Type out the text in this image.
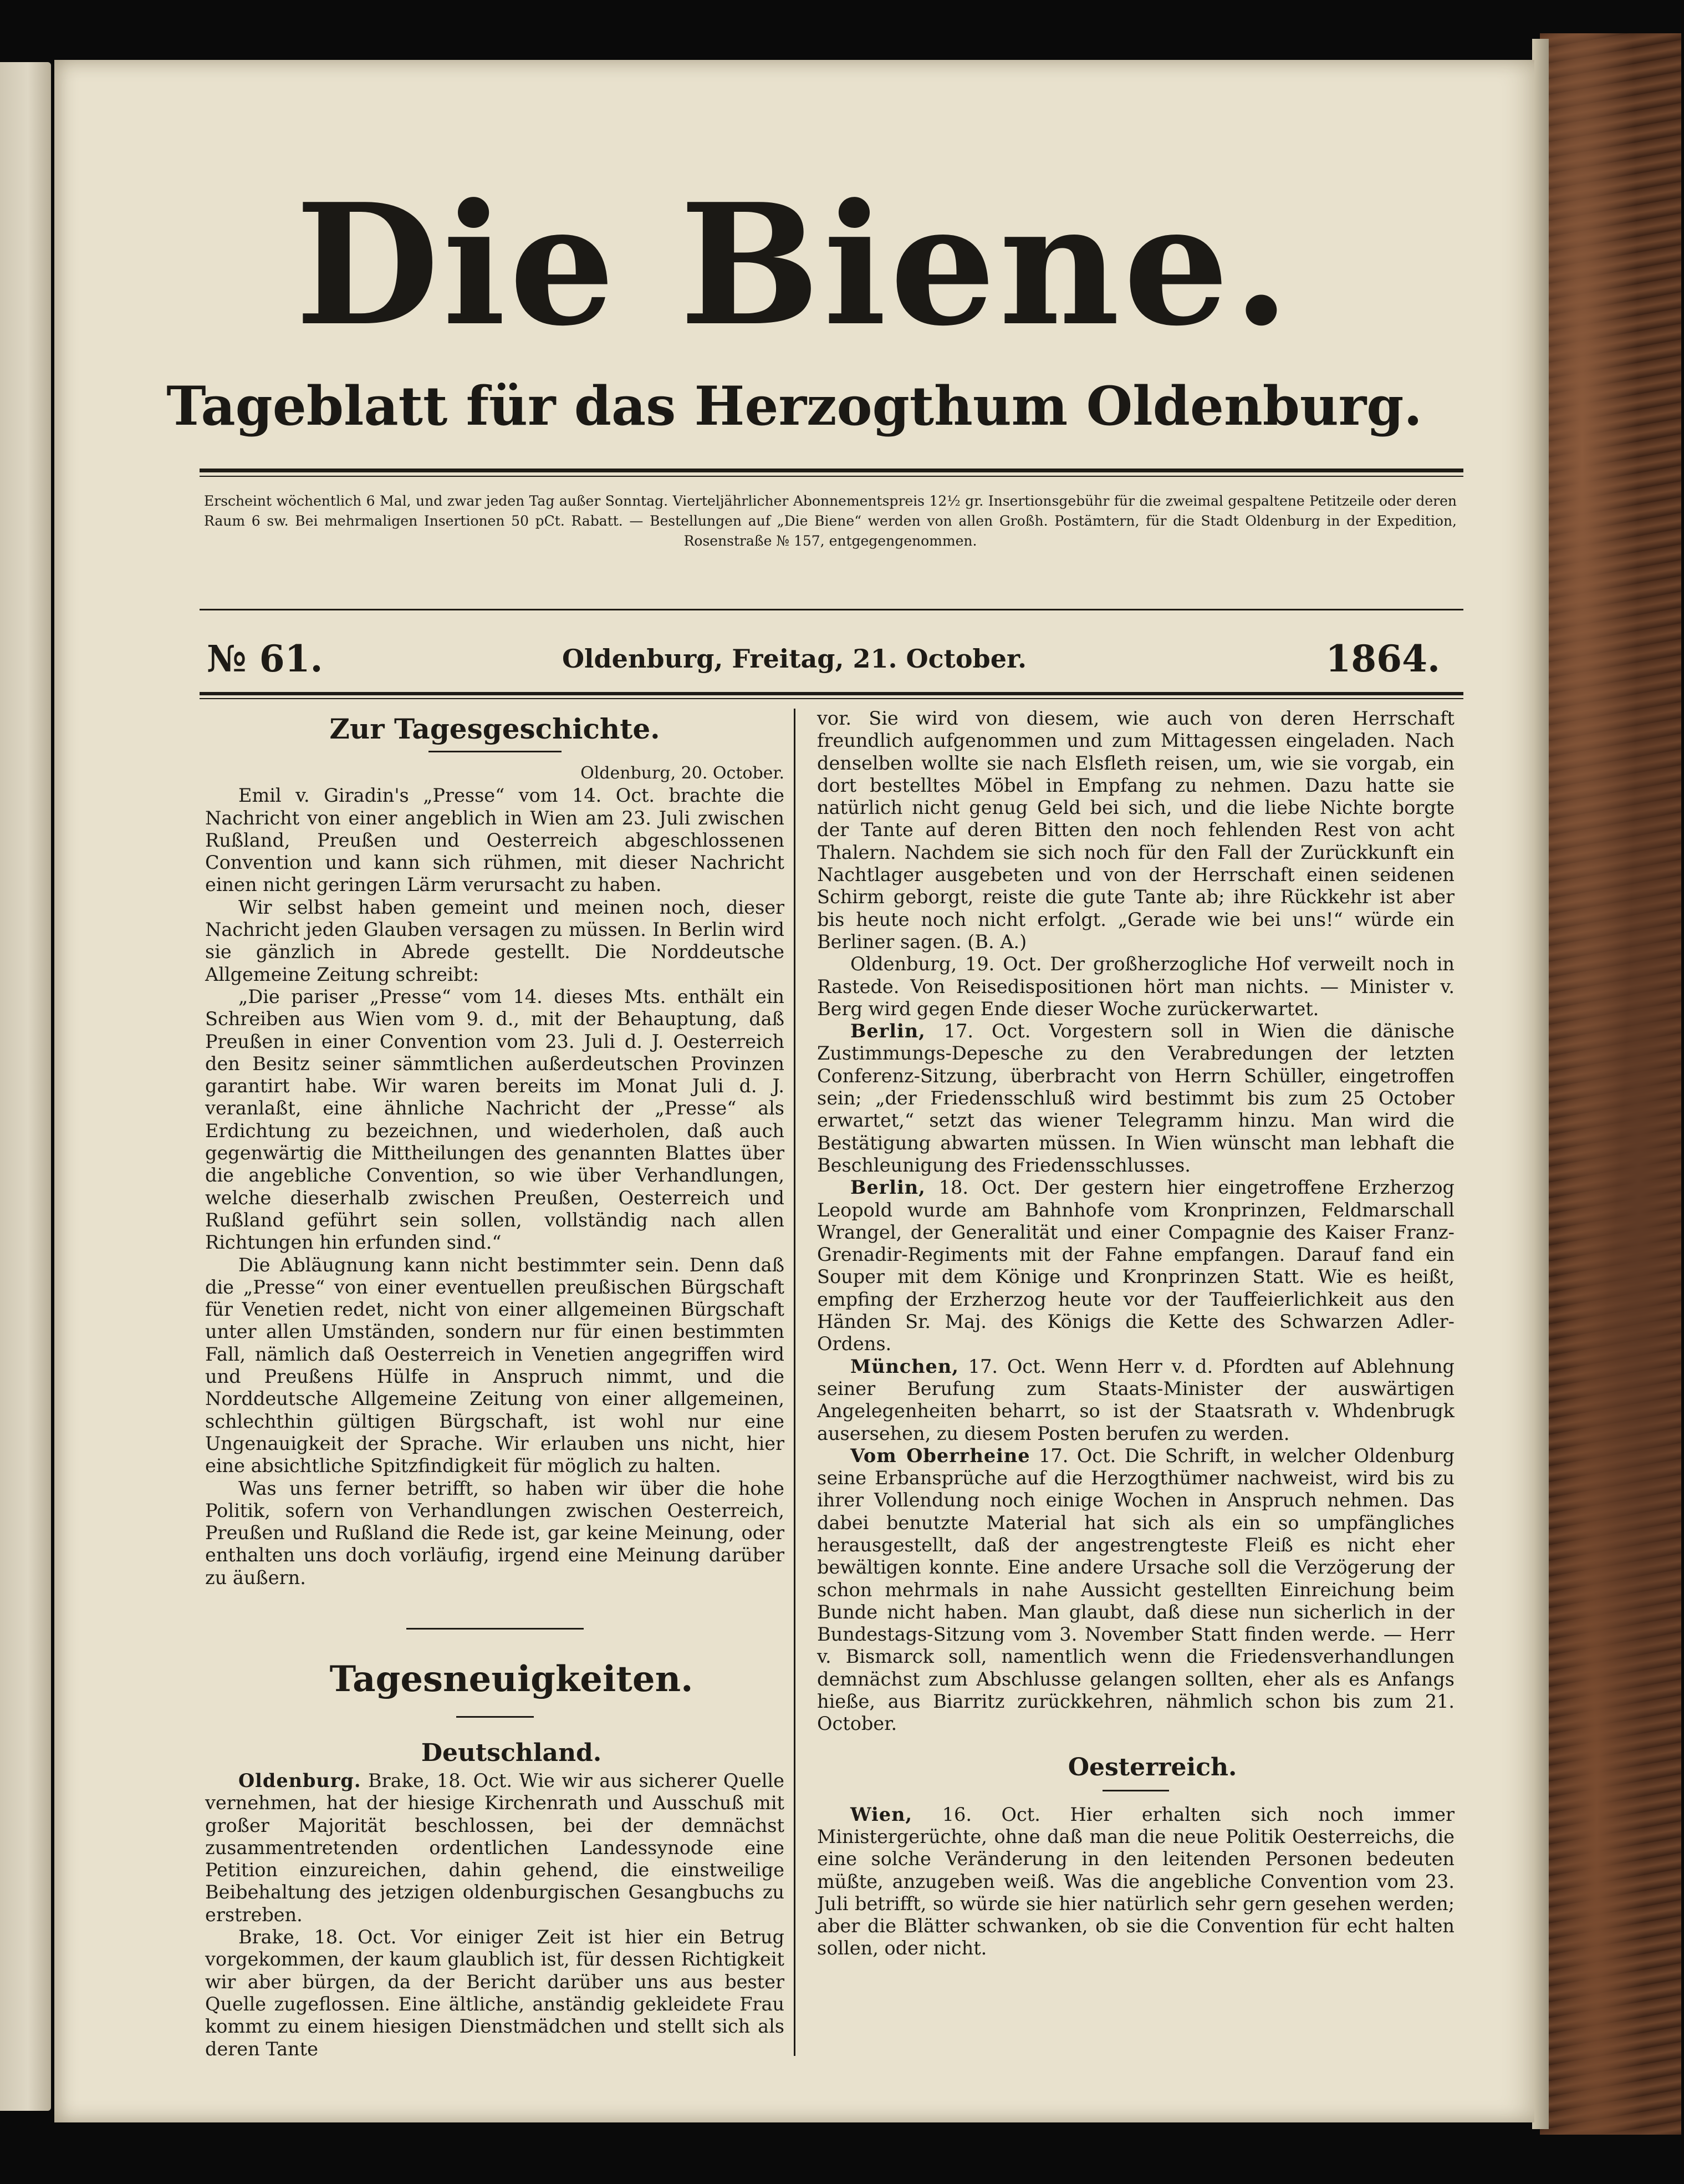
Die Biene.
Tageblatt für das Herzogthum Oldenburg.
Erscheint wöchentlich 6 Mal, und zwar jeden Tag außer Sonntag. Vierteljährlicher Abonnementspreis 12½ gr. Insertionsgebühr für die zweimal gespaltene Petitzeile oder deren Raum 6 sw. Bei mehrmaligen Insertionen 50 pCt. Rabatt. — Bestellungen auf „Die Biene“ werden von allen Großh. Postämtern, für die Stadt Oldenburg in der Expedition, Rosenstraße № 157, entgegengenommen.
№ 61.	Oldenburg, Freitag, 21. October.	1864.
Zur Tagesgeschichte.

Oldenburg, 20. October.

Emil v. Giradin's „Presse“ vom 14. Oct. brachte die Nachricht von einer angeblich in Wien am 23. Juli zwischen Rußland, Preußen und Oesterreich abgeschlossenen Convention und kann sich rühmen, mit dieser Nachricht einen nicht geringen Lärm verursacht zu haben.

Wir selbst haben gemeint und meinen noch, dieser Nachricht jeden Glauben versagen zu müssen. In Berlin wird sie gänzlich in Abrede gestellt. Die Norddeutsche Allgemeine Zeitung schreibt:

„Die pariser „Presse“ vom 14. dieses Mts. enthält ein Schreiben aus Wien vom 9. d., mit der Behauptung, daß Preußen in einer Convention vom 23. Juli d. J. Oesterreich den Besitz seiner sämmtlichen außerdeutschen Provinzen garantirt habe. Wir waren bereits im Monat Juli d. J. veranlaßt, eine ähnliche Nachricht der „Presse“ als Erdichtung zu bezeichnen, und wiederholen, daß auch gegenwärtig die Mittheilungen des genannten Blattes über die angebliche Convention, so wie über Verhandlungen, welche dieserhalb zwischen Preußen, Oesterreich und Rußland geführt sein sollen, vollständig nach allen Richtungen hin erfunden sind.“

Die Abläugnung kann nicht bestimmter sein. Denn daß die „Presse“ von einer eventuellen preußischen Bürgschaft für Venetien redet, nicht von einer allgemeinen Bürgschaft unter allen Umständen, sondern nur für einen bestimmten Fall, nämlich daß Oesterreich in Venetien angegriffen wird und Preußens Hülfe in Anspruch nimmt, und die Norddeutsche Allgemeine Zeitung von einer allgemeinen, schlechthin gültigen Bürgschaft, ist wohl nur eine Ungenauigkeit der Sprache. Wir erlauben uns nicht, hier eine absichtliche Spitzfindigkeit für möglich zu halten.

Was uns ferner betrifft, so haben wir über die hohe Politik, sofern von Verhandlungen zwischen Oesterreich, Preußen und Rußland die Rede ist, gar keine Meinung, oder enthalten uns doch vorläufig, irgend eine Meinung darüber zu äußern.

Tagesneuigkeiten.

Deutschland.

Oldenburg. Brake, 18. Oct. Wie wir aus sicherer Quelle vernehmen, hat der hiesige Kirchenrath und Ausschuß mit großer Majorität beschlossen, bei der demnächst zusammentretenden ordentlichen Landessynode eine Petition einzureichen, dahin gehend, die einstweilige Beibehaltung des jetzigen oldenburgischen Gesangbuchs zu erstreben.

Brake, 18. Oct. Vor einiger Zeit ist hier ein Betrug vorgekommen, der kaum glaublich ist, für dessen Richtigkeit wir aber bürgen, da der Bericht darüber uns aus bester Quelle zugeflossen. Eine ältliche, anständig gekleidete Frau kommt zu einem hiesigen Dienstmädchen und stellt sich als deren Tante

vor. Sie wird von diesem, wie auch von deren Herrschaft freundlich aufgenommen und zum Mittagessen eingeladen. Nach denselben wollte sie nach Elsfleth reisen, um, wie sie vorgab, ein dort bestelltes Möbel in Empfang zu nehmen. Dazu hatte sie natürlich nicht genug Geld bei sich, und die liebe Nichte borgte der Tante auf deren Bitten den noch fehlenden Rest von acht Thalern. Nachdem sie sich noch für den Fall der Zurückkunft ein Nachtlager ausgebeten und von der Herrschaft einen seidenen Schirm geborgt, reiste die gute Tante ab; ihre Rückkehr ist aber bis heute noch nicht erfolgt. „Gerade wie bei uns!“ würde ein Berliner sagen. (B. A.)

Oldenburg, 19. Oct. Der großherzogliche Hof verweilt noch in Rastede. Von Reisedispositionen hört man nichts. — Minister v. Berg wird gegen Ende dieser Woche zurückerwartet.

Berlin, 17. Oct. Vorgestern soll in Wien die dänische Zustimmungs-Depesche zu den Verabredungen der letzten Conferenz-Sitzung, überbracht von Herrn Schüller, eingetroffen sein; „der Friedensschluß wird bestimmt bis zum 25 October erwartet,“ setzt das wiener Telegramm hinzu. Man wird die Bestätigung abwarten müssen. In Wien wünscht man lebhaft die Beschleunigung des Friedensschlusses.

Berlin, 18. Oct. Der gestern hier eingetroffene Erzherzog Leopold wurde am Bahnhofe vom Kronprinzen, Feldmarschall Wrangel, der Generalität und einer Compagnie des Kaiser Franz-Grenadir-Regiments mit der Fahne empfangen. Darauf fand ein Souper mit dem Könige und Kronprinzen Statt. Wie es heißt, empfing der Erzherzog heute vor der Tauffeierlichkeit aus den Händen Sr. Maj. des Königs die Kette des Schwarzen Adler-Ordens.

München, 17. Oct. Wenn Herr v. d. Pfordten auf Ablehnung seiner Berufung zum Staats-Minister der auswärtigen Angelegenheiten beharrt, so ist der Staatsrath v. Whdenbrugk ausersehen, zu diesem Posten berufen zu werden.

Vom Oberrheine 17. Oct. Die Schrift, in welcher Oldenburg seine Erbansprüche auf die Herzogthümer nachweist, wird bis zu ihrer Vollendung noch einige Wochen in Anspruch nehmen. Das dabei benutzte Material hat sich als ein so umpfängliches herausgestellt, daß der angestrengteste Fleiß es nicht eher bewältigen konnte. Eine andere Ursache soll die Verzögerung der schon mehrmals in nahe Aussicht gestellten Einreichung beim Bunde nicht haben. Man glaubt, daß diese nun sicherlich in der Bundestags-Sitzung vom 3. November Statt finden werde. — Herr v. Bismarck soll, namentlich wenn die Friedensverhandlungen demnächst zum Abschlusse gelangen sollten, eher als es Anfangs hieße, aus Biarritz zurückkehren, nähmlich schon bis zum 21. October.

Oesterreich.

Wien, 16. Oct. Hier erhalten sich noch immer Ministergerüchte, ohne daß man die neue Politik Oesterreichs, die eine solche Veränderung in den leitenden Personen bedeuten müßte, anzugeben weiß. Was die angebliche Convention vom 23. Juli betrifft, so würde sie hier natürlich sehr gern gesehen werden; aber die Blätter schwanken, ob sie die Convention für echt halten sollen, oder nicht.
